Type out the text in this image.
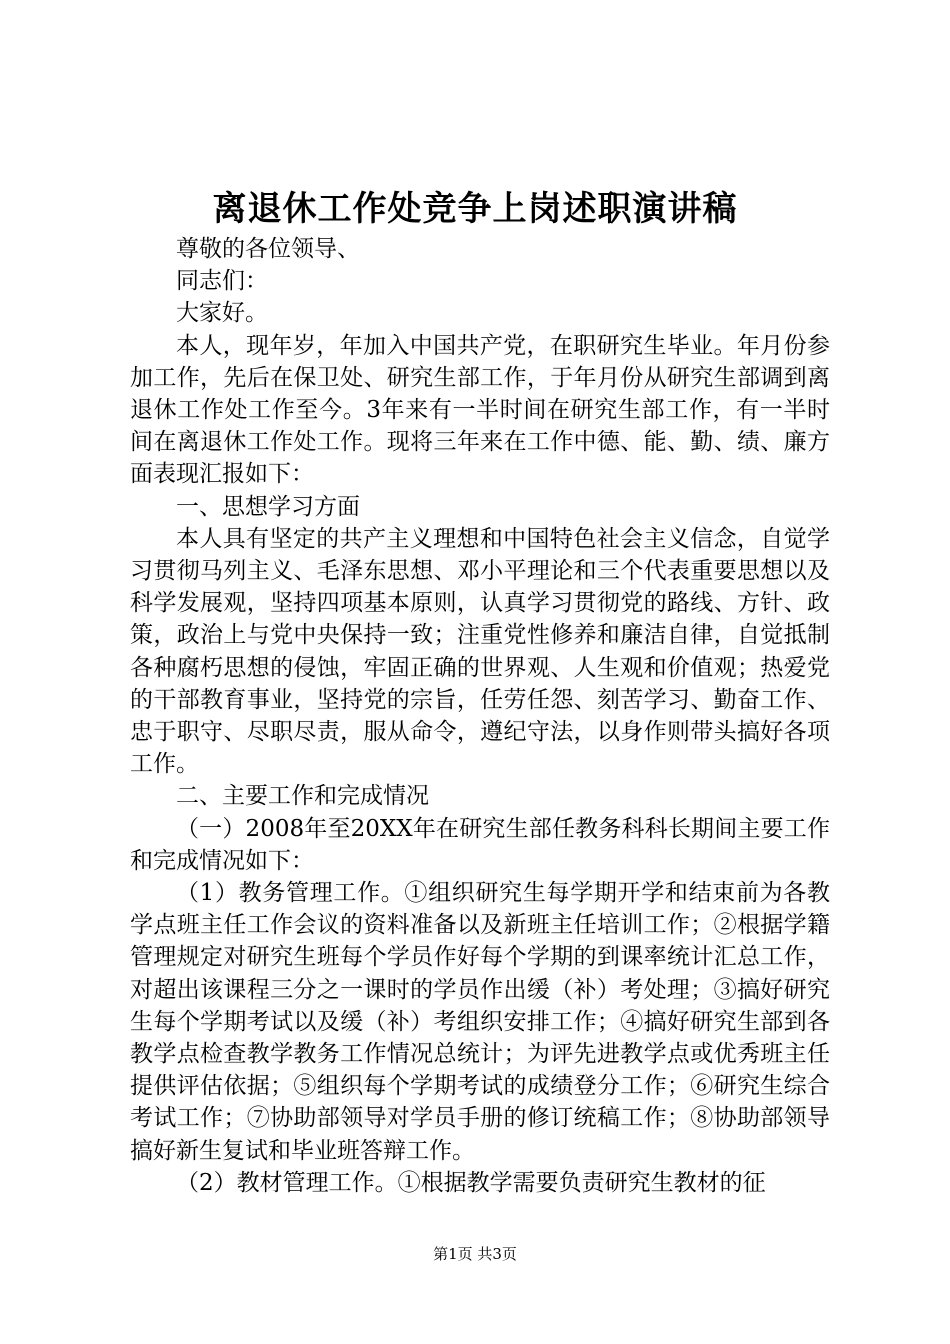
离退休工作处竞争上岗述职演讲稿

尊敬的各位领导、

同志们：

大家好。

本人，现年岁，年加入中国共产党，在职研究生毕业。年月份参加工作，先后在保卫处、研究生部工作，于年月份从研究生部调到离退休工作处工作至今。3年来有一半时间在研究生部工作，有一半时间在离退休工作处工作。现将三年来在工作中德、能、勤、绩、廉方面表现汇报如下：

一、思想学习方面

本人具有坚定的共产主义理想和中国特色社会主义信念，自觉学习贯彻马列主义、毛泽东思想、邓小平理论和三个代表重要思想以及科学发展观，坚持四项基本原则，认真学习贯彻党的路线、方针、政策，政治上与党中央保持一致；注重党性修养和廉洁自律，自觉抵制各种腐朽思想的侵蚀，牢固正确的世界观、人生观和价值观；热爱党的干部教育事业，坚持党的宗旨，任劳任怨、刻苦学习、勤奋工作、忠于职守、尽职尽责，服从命令，遵纪守法，以身作则带头搞好各项工作。

二、主要工作和完成情况

（一）2008年至20XX年在研究生部任教务科科长期间主要工作和完成情况如下：

（1）教务管理工作。①组织研究生每学期开学和结束前为各教学点班主任工作会议的资料准备以及新班主任培训工作；②根据学籍管理规定对研究生班每个学员作好每个学期的到课率统计汇总工作，对超出该课程三分之一课时的学员作出缓（补）考处理；③搞好研究生每个学期考试以及缓（补）考组织安排工作；④搞好研究生部到各教学点检查教学教务工作情况总统计；为评先进教学点或优秀班主任提供评估依据；⑤组织每个学期考试的成绩登分工作；⑥研究生综合考试工作；⑦协助部领导对学员手册的修订统稿工作；⑧协助部领导搞好新生复试和毕业班答辩工作。

（2）教材管理工作。①根据教学需要负责研究生教材的征

第1页 共3页
